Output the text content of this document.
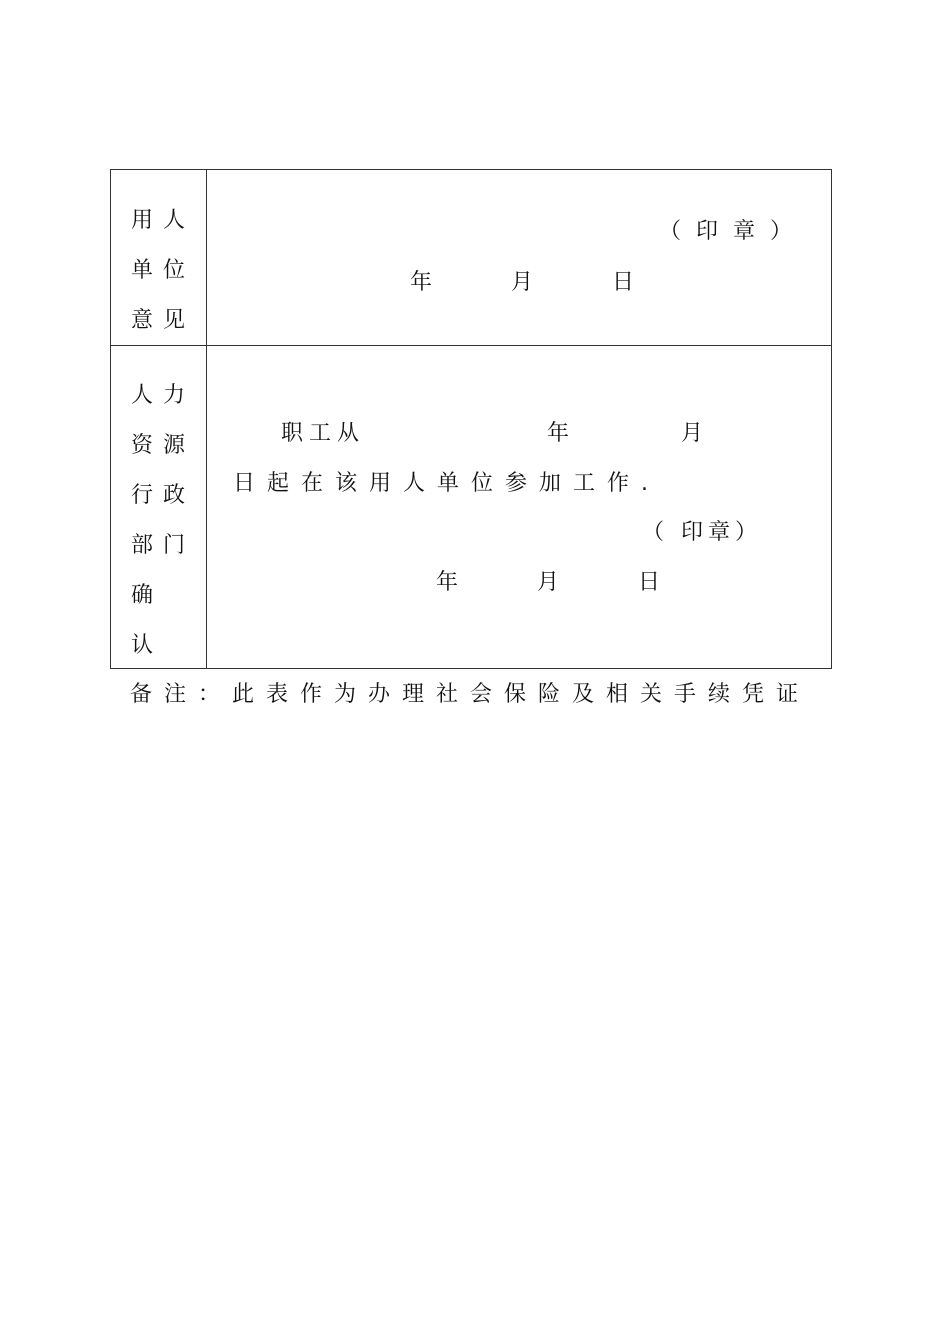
用人
单位
意见
（ 印 章 ）
年	月	日
人力
资源
行政
部门
确
认
职工从	年	月
日起在该用人单位参加工作.
（ 印章）
年	月	日
备注：此表作为办理社会保险及相关手续凭证
